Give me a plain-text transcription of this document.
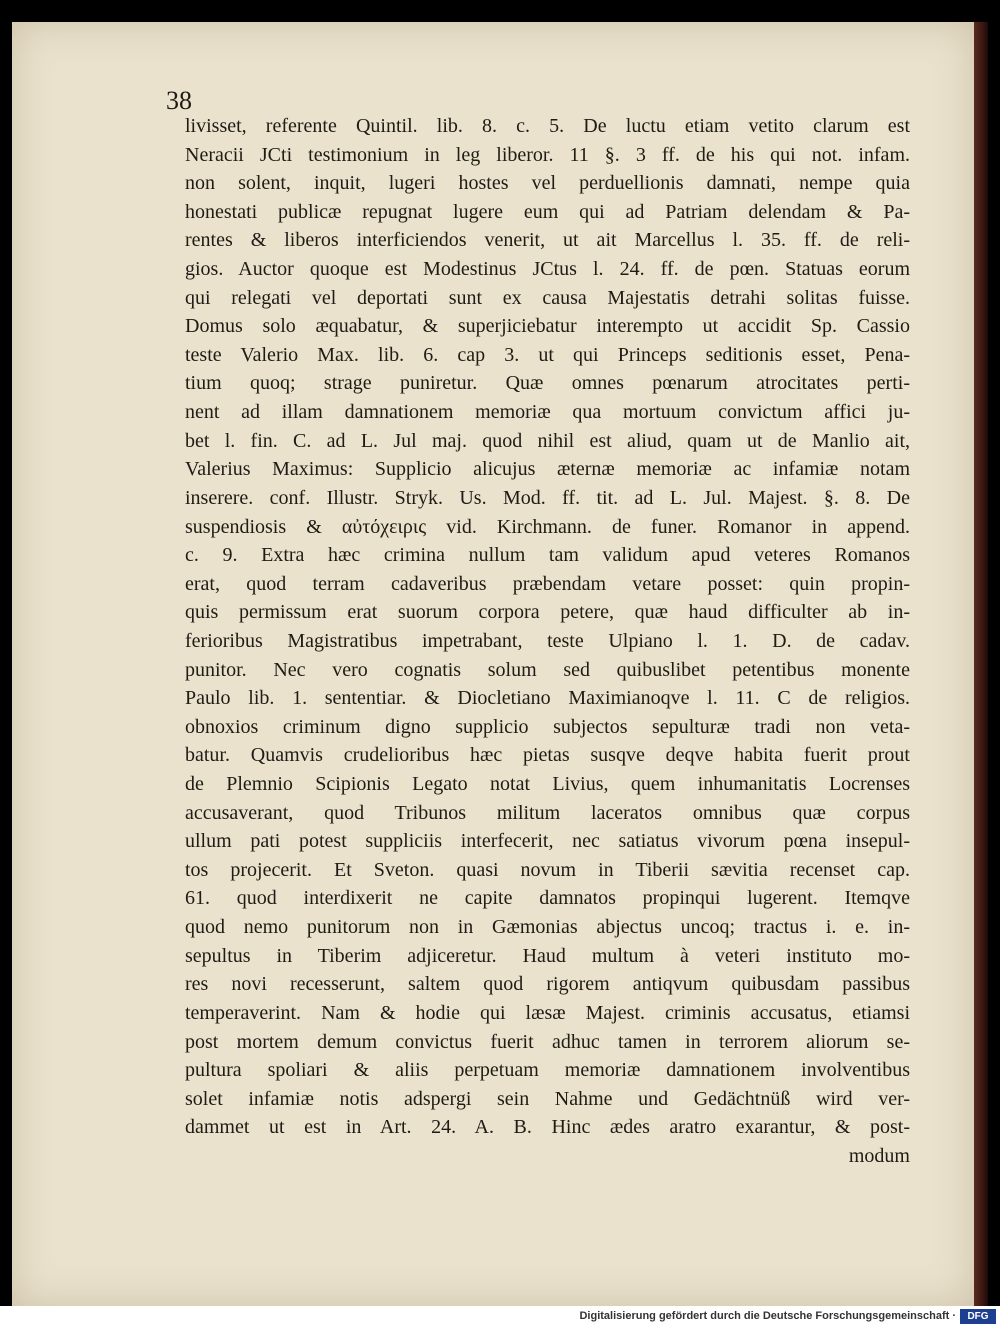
38
livisset, referente Quintil. lib. 8. c. 5. De luctu etiam vetito clarum est
Neracii JCti testimonium in leg liberor. 11 §. 3 ff. de his qui not. infam.
non solent, inquit, lugeri hostes vel perduellionis damnati, nempe quia
honestati publicæ repugnat lugere eum qui ad Patriam delendam & Pa-
rentes & liberos interficiendos venerit, ut ait Marcellus l. 35. ff. de reli-
gios. Auctor quoque est Modestinus JCtus l. 24. ff. de pœn. Statuas eorum
qui relegati vel deportati sunt ex causa Majestatis detrahi solitas fuisse.
Domus solo æquabatur, & superjiciebatur interempto ut accidit Sp. Cassio
teste Valerio Max. lib. 6. cap 3. ut qui Princeps seditionis esset, Pena-
tium quoq; strage puniretur. Quæ omnes pœnarum atrocitates perti-
nent ad illam damnationem memoriæ qua mortuum convictum affici ju-
bet l. fin. C. ad L. Jul maj. quod nihil est aliud, quam ut de Manlio ait,
Valerius Maximus: Supplicio alicujus æternæ memoriæ ac infamiæ notam
inserere. conf. Illustr. Stryk. Us. Mod. ff. tit. ad L. Jul. Majest. §. 8. De
suspendiosis & αὐτόχειρις vid. Kirchmann. de funer. Romanor in append.
c. 9. Extra hæc crimina nullum tam validum apud veteres Romanos
erat, quod terram cadaveribus præbendam vetare posset: quin propin-
quis permissum erat suorum corpora petere, quæ haud difficulter ab in-
ferioribus Magistratibus impetrabant, teste Ulpiano l. 1. D. de cadav.
punitor. Nec vero cognatis solum sed quibuslibet petentibus monente
Paulo lib. 1. sententiar. & Diocletiano Maximianoqve l. 11. C de religios.
obnoxios criminum digno supplicio subjectos sepulturæ tradi non veta-
batur. Quamvis crudelioribus hæc pietas susqve deqve habita fuerit prout
de Plemnio Scipionis Legato notat Livius, quem inhumanitatis Locrenses
accusaverant, quod Tribunos militum laceratos omnibus quæ corpus
ullum pati potest suppliciis interfecerit, nec satiatus vivorum pœna insepul-
tos projecerit. Et Sveton. quasi novum in Tiberii sævitia recenset cap.
61. quod interdixerit ne capite damnatos propinqui lugerent. Itemqve
quod nemo punitorum non in Gæmonias abjectus uncoq; tractus i. e. in-
sepultus in Tiberim adjiceretur. Haud multum à veteri instituto mo-
res novi recesserunt, saltem quod rigorem antiqvum quibusdam passibus
temperaverint. Nam & hodie qui læsæ Majest. criminis accusatus, etiamsi
post mortem demum convictus fuerit adhuc tamen in terrorem aliorum se-
pultura spoliari & aliis perpetuam memoriæ damnationem involventibus
solet infamiæ notis adspergi sein Nahme und Gedächtnüß wird ver-
dammet ut est in Art. 24. A. B. Hinc ædes aratro exarantur, & post-
modum
Digitalisierung gefördert durch die Deutsche Forschungsgemeinschaft ·	DFG
